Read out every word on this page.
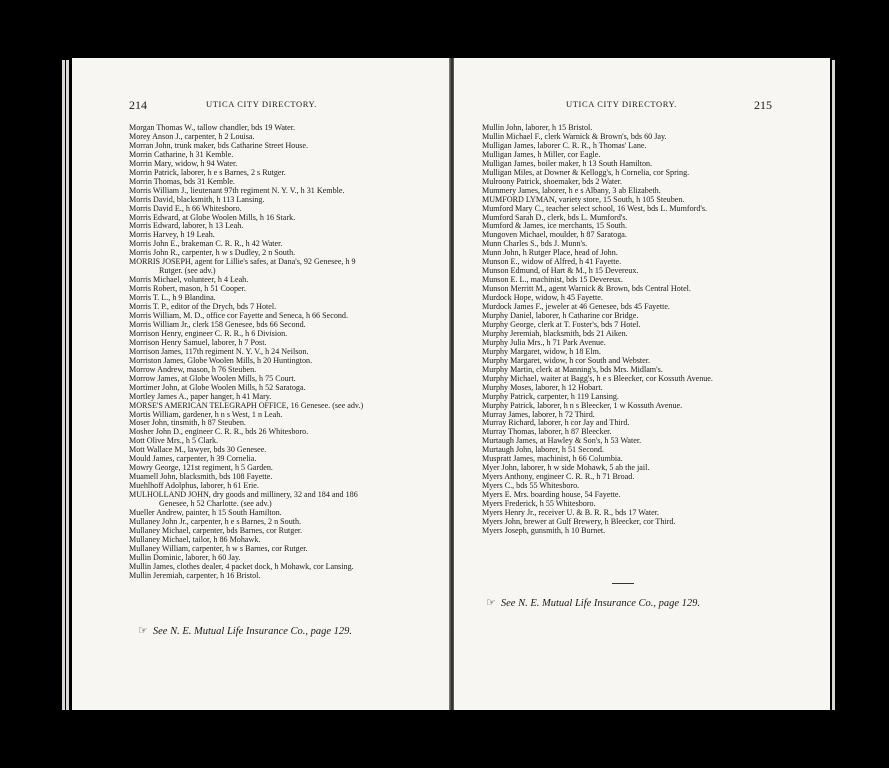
214	UTICA CITY DIRECTORY.
Morgan Thomas W., tallow chandler, bds 19 Water.
Morey Anson J., carpenter, h 2 Louisa.
Morran John, trunk maker, bds Catharine Street House.
Morrin Catharine, h 31 Kemble.
Morrin Mary, widow, h 94 Water.
Morrin Patrick, laborer, h e s Barnes, 2 s Rutger.
Morrin Thomas, bds 31 Kemble.
Morris William J., lieutenant 97th regiment N. Y. V., h 31 Kemble.
Morris David, blacksmith, h 113 Lansing.
Morris David E., h 66 Whitesboro.
Morris Edward, at Globe Woolen Mills, h 16 Stark.
Morris Edward, laborer, h 13 Leah.
Morris Harvey, h 19 Leah.
Morris John E., brakeman C. R. R., h 42 Water.
Morris John R., carpenter, h w s Dudley, 2 n South.
MORRIS JOSEPH, agent for Lillie's safes, at Dana's, 92 Genesee, h 9
Rutger. (see adv.)
Morris Michael, volunteer, h 4 Leah.
Morris Robert, mason, h 51 Cooper.
Morris T. L., h 9 Blandina.
Morris T. P., editor of the Drych, bds 7 Hotel.
Morris William, M. D., office cor Fayette and Seneca, h 66 Second.
Morris William Jr., clerk 158 Genesee, bds 66 Second.
Morrison Henry, engineer C. R. R., h 6 Division.
Morrison Henry Samuel, laborer, h 7 Post.
Morrison James, 117th regiment N. Y. V., h 24 Neilson.
Morriston James, Globe Woolen Mills, h 20 Huntington.
Morrow Andrew, mason, h 76 Steuben.
Morrow James, at Globe Woolen Mills, h 75 Court.
Mortimer John, at Globe Woolen Mills, h 52 Saratoga.
Mortley James A., paper hanger, h 41 Mary.
MORSE'S AMERICAN TELEGRAPH OFFICE, 16 Genesee. (see adv.)
Mortis William, gardener, h n s West, 1 n Leah.
Moser John, tinsmith, h 87 Steuben.
Mosher John D., engineer C. R. R., bds 26 Whitesboro.
Mott Olive Mrs., h 5 Clark.
Mott Wallace M., lawyer, bds 30 Genesee.
Mould James, carpenter, h 39 Cornelia.
Mowry George, 121st regiment, h 5 Garden.
Muamell John, blacksmith, bds 108 Fayette.
Muehlhoff Adolphus, laborer, h 61 Erie.
MULHOLLAND JOHN, dry goods and millinery, 32 and 184 and 186
Genesee, h 52 Charlotte. (see adv.)
Mueller Andrew, painter, h 15 South Hamilton.
Mullaney John Jr., carpenter, h e s Barnes, 2 n South.
Mullaney Michael, carpenter, bds Barnes, cor Rutger.
Mullaney Michael, tailor, h 86 Mohawk.
Mullaney William, carpenter, h w s Barnes, cor Rutger.
Mullin Dominic, laborer, h 60 Jay.
Mullin James, clothes dealer, 4 packet dock, h Mohawk, cor Lansing.
Mullin Jeremiah, carpenter, h 16 Bristol.
☞ See N. E. Mutual Life Insurance Co., page 129.
UTICA CITY DIRECTORY.	215
Mullin John, laborer, h 15 Bristol.
Mullin Michael F., clerk Warnick & Brown's, bds 60 Jay.
Mulligan James, laborer C. R. R., h Thomas' Lane.
Mulligan James, h Miller, cor Eagle.
Mulligan James, boiler maker, h 13 South Hamilton.
Mulligan Miles, at Downer & Kellogg's, h Cornelia, cor Spring.
Mulroony Patrick, shoemaker, bds 2 Water.
Mummery James, laborer, h e s Albany, 3 ab Elizabeth.
MUMFORD LYMAN, variety store, 15 South, h 105 Steuben.
Mumford Mary C., teacher select school, 16 West, bds L. Mumford's.
Mumford Sarah D., clerk, bds L. Mumford's.
Mumford & James, ice merchants, 15 South.
Mungoven Michael, moulder, h 87 Saratoga.
Munn Charles S., bds J. Munn's.
Munn John, h Rutger Place, head of John.
Munson E., widow of Alfred, h 41 Fayette.
Munson Edmund, of Hart & M., h 15 Devereux.
Munson E. L., machinist, bds 15 Devereux.
Munson Merritt M., agent Warnick & Brown, bds Central Hotel.
Murdock Hope, widow, h 45 Fayette.
Murdock James F., jeweler at 46 Genesee, bds 45 Fayette.
Murphy Daniel, laborer, h Catharine cor Bridge.
Murphy George, clerk at T. Foster's, bds 7 Hotel.
Murphy Jeremiah, blacksmith, bds 21 Aiken.
Murphy Julia Mrs., h 71 Park Avenue.
Murphy Margaret, widow, h 18 Elm.
Murphy Margaret, widow, h cor South and Webster.
Murphy Martin, clerk at Manning's, bds Mrs. Midlam's.
Murphy Michael, waiter at Bagg's, h e s Bleecker, cor Kossuth Avenue.
Murphy Moses, laborer, h 12 Hobart.
Murphy Patrick, carpenter, h 119 Lansing.
Murphy Patrick, laborer, h n s Bleecker, 1 w Kossuth Avenue.
Murray James, laborer, h 72 Third.
Murray Richard, laborer, h cor Jay and Third.
Murray Thomas, laborer, h 87 Bleecker.
Murtaugh James, at Hawley & Son's, h 53 Water.
Murtaugh John, laborer, h 51 Second.
Muspratt James, machinist, h 66 Columbia.
Myer John, laborer, h w side Mohawk, 5 ab the jail.
Myers Anthony, engineer C. R. R., h 71 Broad.
Myers C., bds 55 Whitesboro.
Myers E. Mrs. boarding house, 54 Fayette.
Myers Frederick, h 55 Whitesboro.
Myers Henry Jr., receiver U. & B. R. R., bds 17 Water.
Myers John, brewer at Gulf Brewery, h Bleecker, cor Third.
Myers Joseph, gunsmith, h 10 Burnet.
☞ See N. E. Mutual Life Insurance Co., page 129.
